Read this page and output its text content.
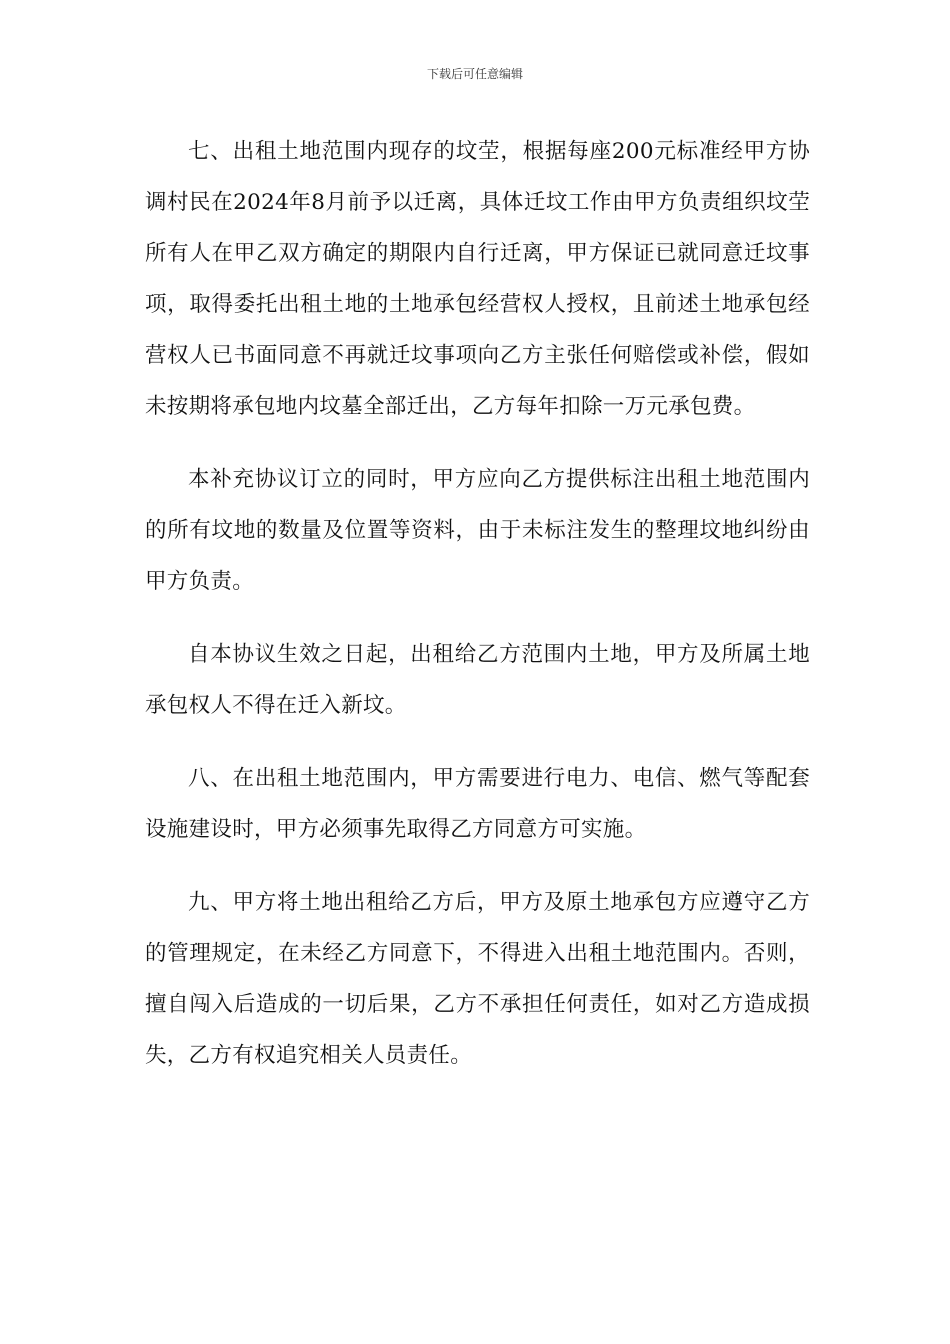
下载后可任意编辑

七、出租土地范围内现存的坟茔，根据每座200元标准经甲方协调村民在2024年8月前予以迁离，具体迁坟工作由甲方负责组织坟茔所有人在甲乙双方确定的期限内自行迁离，甲方保证已就同意迁坟事项，取得委托出租土地的土地承包经营权人授权，且前述土地承包经营权人已书面同意不再就迁坟事项向乙方主张任何赔偿或补偿，假如未按期将承包地内坟墓全部迁出，乙方每年扣除一万元承包费。

本补充协议订立的同时，甲方应向乙方提供标注出租土地范围内的所有坟地的数量及位置等资料，由于未标注发生的整理坟地纠纷由甲方负责。

自本协议生效之日起，出租给乙方范围内土地，甲方及所属土地承包权人不得在迁入新坟。

八、在出租土地范围内，甲方需要进行电力、电信、燃气等配套设施建设时，甲方必须事先取得乙方同意方可实施。

九、甲方将土地出租给乙方后，甲方及原土地承包方应遵守乙方的管理规定，在未经乙方同意下，不得进入出租土地范围内。否则，擅自闯入后造成的一切后果，乙方不承担任何责任，如对乙方造成损失，乙方有权追究相关人员责任。
